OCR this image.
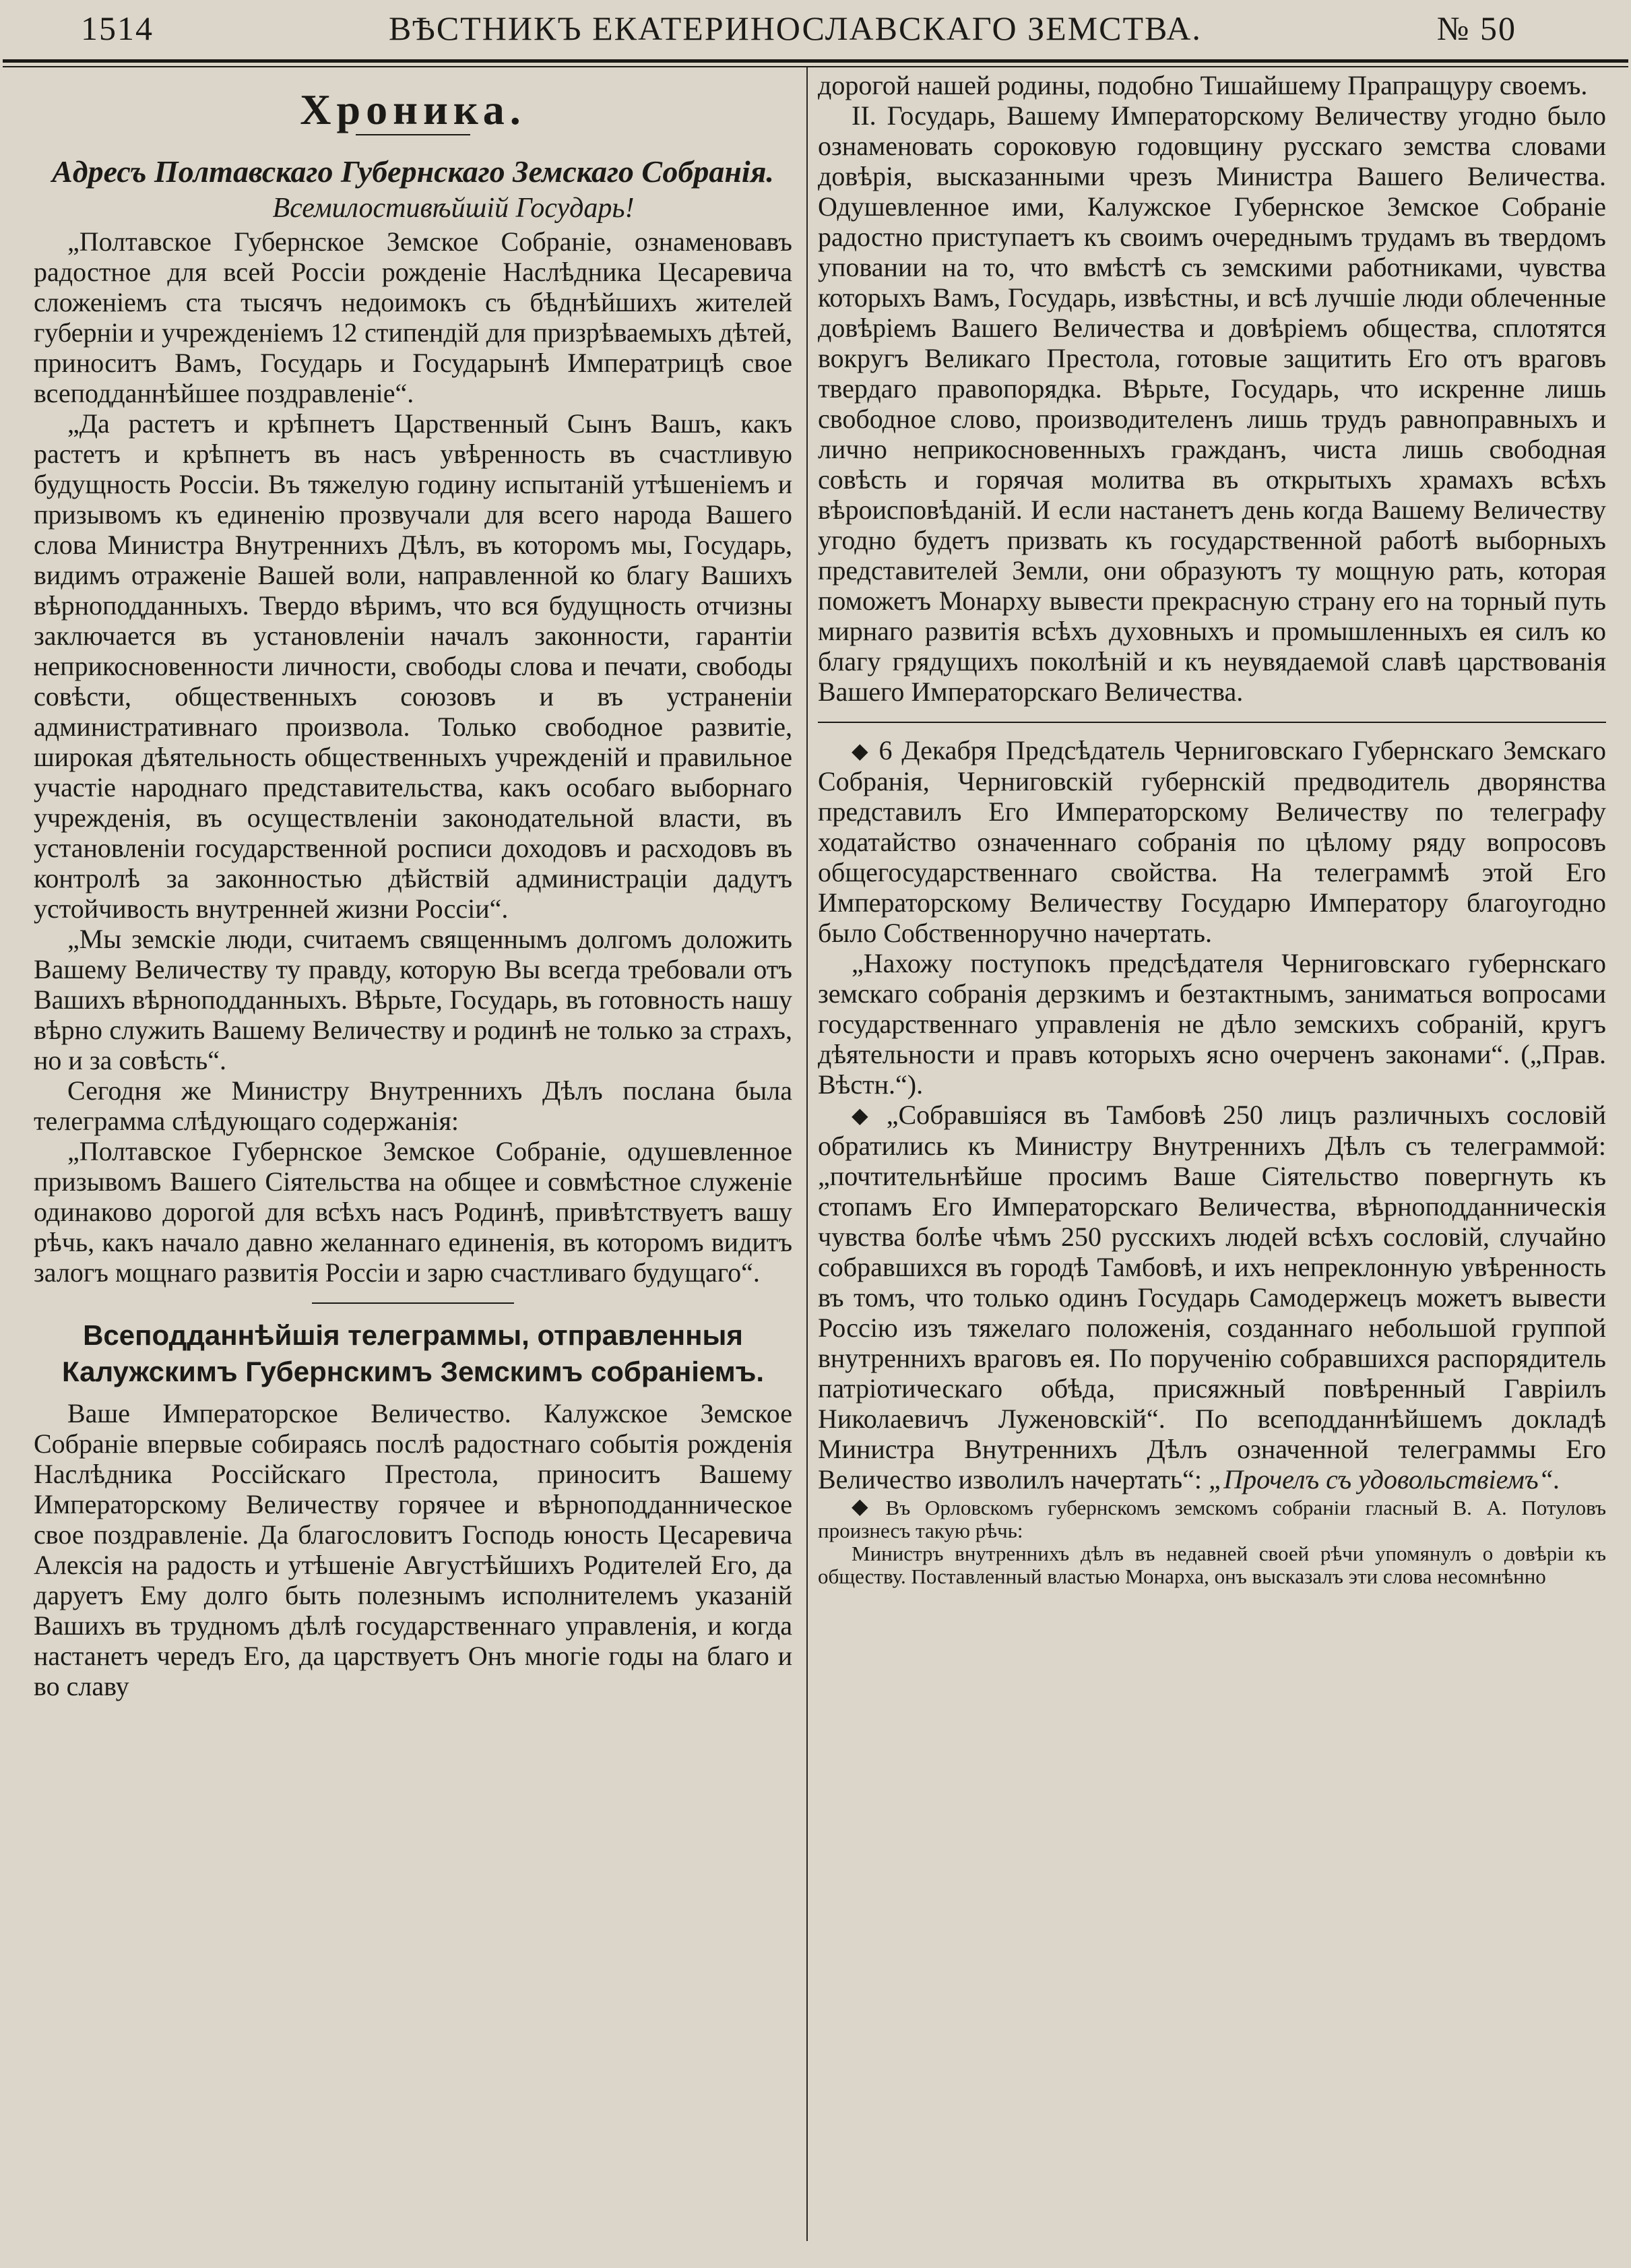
1514	ВѢСТНИКЪ ЕКАТЕРИНОСЛАВСКАГО ЗЕМСТВА.	№ 50
Хроника.
Адресъ Полтавскаго Губернскаго Земскаго Собранія.
Всемилостивѣйшій Государь!

„Полтавское Губернское Земское Собраніе, ознаменовавъ радостное для всей Россіи рожденіе Наслѣдника Цесаревича сложеніемъ ста тысячъ недоимокъ съ бѣднѣйшихъ жителей губерніи и учрежденіемъ 12 стипендій для призрѣваемыхъ дѣтей, приноситъ Вамъ, Государь и Государынѣ Императрицѣ свое всеподданнѣйшее поздравленіе“.

„Да растетъ и крѣпнетъ Царственный Сынъ Вашъ, какъ растетъ и крѣпнетъ въ насъ увѣренность въ счастливую будущность Россіи. Въ тяжелую годину испытаній утѣшеніемъ и призывомъ къ единенію прозвучали для всего народа Вашего слова Министра Внутреннихъ Дѣлъ, въ которомъ мы, Государь, видимъ отраженіе Вашей воли, направленной ко благу Вашихъ вѣрноподданныхъ. Твердо вѣримъ, что вся будущность отчизны заключается въ установленіи началъ законности, гарантіи неприкосновенности личности, свободы слова и печати, свободы совѣсти, общественныхъ союзовъ и въ устраненіи административнаго произвола. Только свободное развитіе, широкая дѣятельность общественныхъ учрежденій и правильное участіе народнаго представительства, какъ особаго выборнаго учрежденія, въ осуществленіи законодательной власти, въ установленіи государственной росписи доходовъ и расходовъ въ контролѣ за законностью дѣйствій администраціи дадутъ устойчивость внутренней жизни Россіи“.

„Мы земскіе люди, считаемъ священнымъ долгомъ доложить Вашему Величеству ту правду, которую Вы всегда требовали отъ Вашихъ вѣрноподданныхъ. Вѣрьте, Государь, въ готовность нашу вѣрно служить Вашему Величеству и родинѣ не только за страхъ, но и за совѣсть“.

Сегодня же Министру Внутреннихъ Дѣлъ послана была телеграмма слѣдующаго содержанія:

„Полтавское Губернское Земское Собраніе, одушевленное призывомъ Вашего Сіятельства на общее и совмѣстное служеніе одинаково дорогой для всѣхъ насъ Родинѣ, привѣтствуетъ вашу рѣчь, какъ начало давно желаннаго единенія, въ которомъ видитъ залогъ мощнаго развитія Россіи и зарю счастливаго будущаго“.

Всеподданнѣйшія телеграммы, отправленныя Калужскимъ Губернскимъ Земскимъ собраніемъ.

Ваше Императорское Величество. Калужское Земское Собраніе впервые собираясь послѣ радостнаго событія рожденія Наслѣдника Россійскаго Престола, приноситъ Вашему Императорскому Величеству горячее и вѣрноподданническое свое поздравленіе. Да благословитъ Господь юность Цесаревича Алексія на радость и утѣшеніе Августѣйшихъ Родителей Его, да даруетъ Ему долго быть полезнымъ исполнителемъ указаній Вашихъ въ трудномъ дѣлѣ государственнаго управленія, и когда настанетъ чередъ Его, да царствуетъ Онъ многіе годы на благо и во славу

дорогой нашей родины, подобно Тишайшему Прапращуру своемъ.

II. Государь, Вашему Императорскому Величеству угодно было ознаменовать сороковую годовщину русскаго земства словами довѣрія, высказанными чрезъ Министра Вашего Величества. Одушевленное ими, Калужское Губернское Земское Собраніе радостно приступаетъ къ своимъ очереднымъ трудамъ въ твердомъ уповании на то, что вмѣстѣ съ земскими работниками, чувства которыхъ Вамъ, Государь, извѣстны, и всѣ лучшіе люди облеченные довѣріемъ Вашего Величества и довѣріемъ общества, сплотятся вокругъ Великаго Престола, готовые защитить Его отъ враговъ твердаго правопорядка. Вѣрьте, Государь, что искренне лишь свободное слово, производителенъ лишь трудъ равноправныхъ и лично неприкосновенныхъ гражданъ, чиста лишь свободная совѣсть и горячая молитва въ открытыхъ храмахъ всѣхъ вѣроисповѣданій. И если настанетъ день когда Вашему Величеству угодно будетъ призвать къ государственной работѣ выборныхъ представителей Земли, они образуютъ ту мощную рать, которая поможетъ Монарху вывести прекрасную страну его на торный путь мирнаго развитія всѣхъ духовныхъ и промышленныхъ ея силъ ко благу грядущихъ поколѣній и къ неувядаемой славѣ царствованія Вашего Императорскаго Величества.

◆ 6 Декабря Предсѣдатель Черниговскаго Губернскаго Земскаго Собранія, Черниговскій губернскій предводитель дворянства представилъ Его Императорскому Величеству по телеграфу ходатайство означеннаго собранія по цѣлому ряду вопросовъ общегосударственнаго свойства. На телеграммѣ этой Его Императорскому Величеству Государю Императору благоугодно было Собственноручно начертать.

„Нахожу поступокъ предсѣдателя Черниговскаго губернскаго земскаго собранія дерзкимъ и безтактнымъ, заниматься вопросами государственнаго управленія не дѣло земскихъ собраній, кругъ дѣятельности и правъ которыхъ ясно очерченъ законами“. („Прав. Вѣстн.“).

◆ „Собравшіяся въ Тамбовѣ 250 лицъ различныхъ сословій обратились къ Министру Внутреннихъ Дѣлъ съ телеграммой: „почтительнѣйше просимъ Ваше Сіятельство повергнуть къ стопамъ Его Императорскаго Величества, вѣрноподданническія чувства болѣе чѣмъ 250 русскихъ людей всѣхъ сословій, случайно собравшихся въ городѣ Тамбовѣ, и ихъ непреклонную увѣренность въ томъ, что только одинъ Государь Самодержецъ можетъ вывести Россію изъ тяжелаго положенія, созданнаго небольшой группой внутреннихъ враговъ ея. По порученію собравшихся распорядитель патріотическаго обѣда, присяжный повѣренный Гавріилъ Николаевичъ Луженовскій“. По всеподданнѣйшемъ докладѣ Министра Внутреннихъ Дѣлъ означенной телеграммы Его Величество изволилъ начертать“: „Прочелъ съ удовольствіемъ“.

◆ Въ Орловскомъ губернскомъ земскомъ собраніи гласный В. А. Потуловъ произнесъ такую рѣчь:

Министръ внутреннихъ дѣлъ въ недавней своей рѣчи упомянулъ о довѣріи къ обществу. Поставленный властью Монарха, онъ высказалъ эти слова несомнѣнно
